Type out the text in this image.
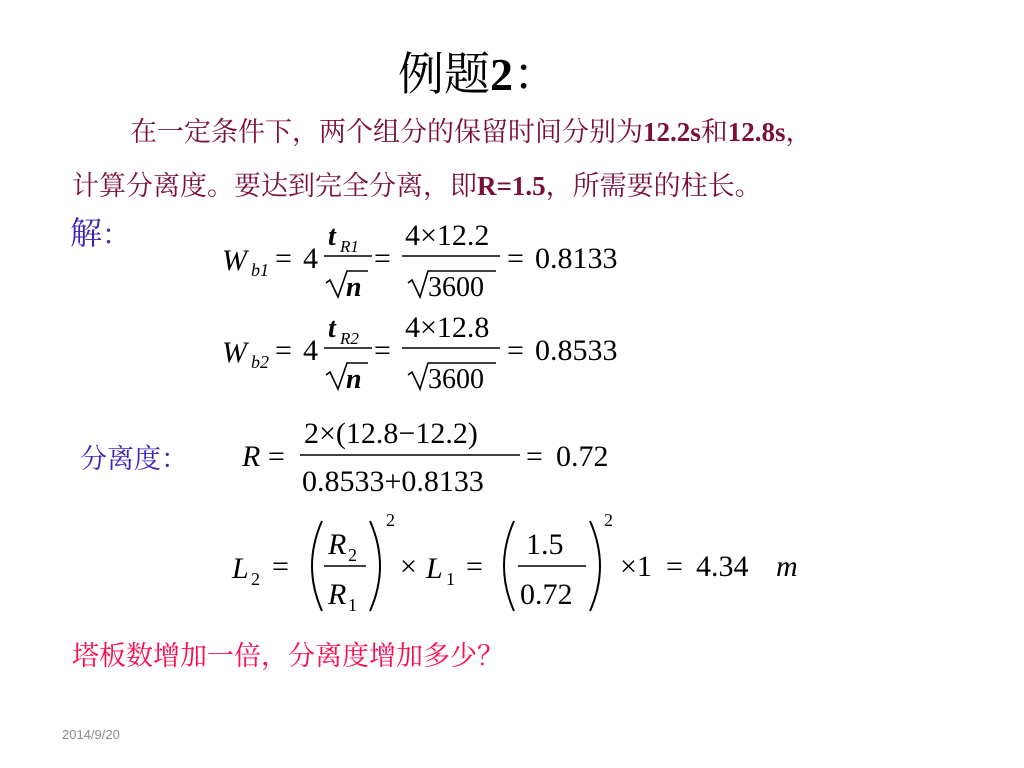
例题2：
在一定条件下，两个组分的保留时间分别为12.2s和12.8s，
计算分离度。要达到完全分离，即R=1.5，所需要的柱长。
解：
分离度：
W b1 = 4
t R1
n
=
4×12.2
3600
= 0.8133
W b2 = 4
t R2
n
=
4×12.8
3600
= 0.8533
R =
2×(12.8−12.2)
0.8533+0.8133
= 0.72
L 2 =
R 2
R 1
2
× L 1 =
1.5
0.72
2
×1 = 4.34 m
塔板数增加一倍，分离度增加多少？
2014/9/20
